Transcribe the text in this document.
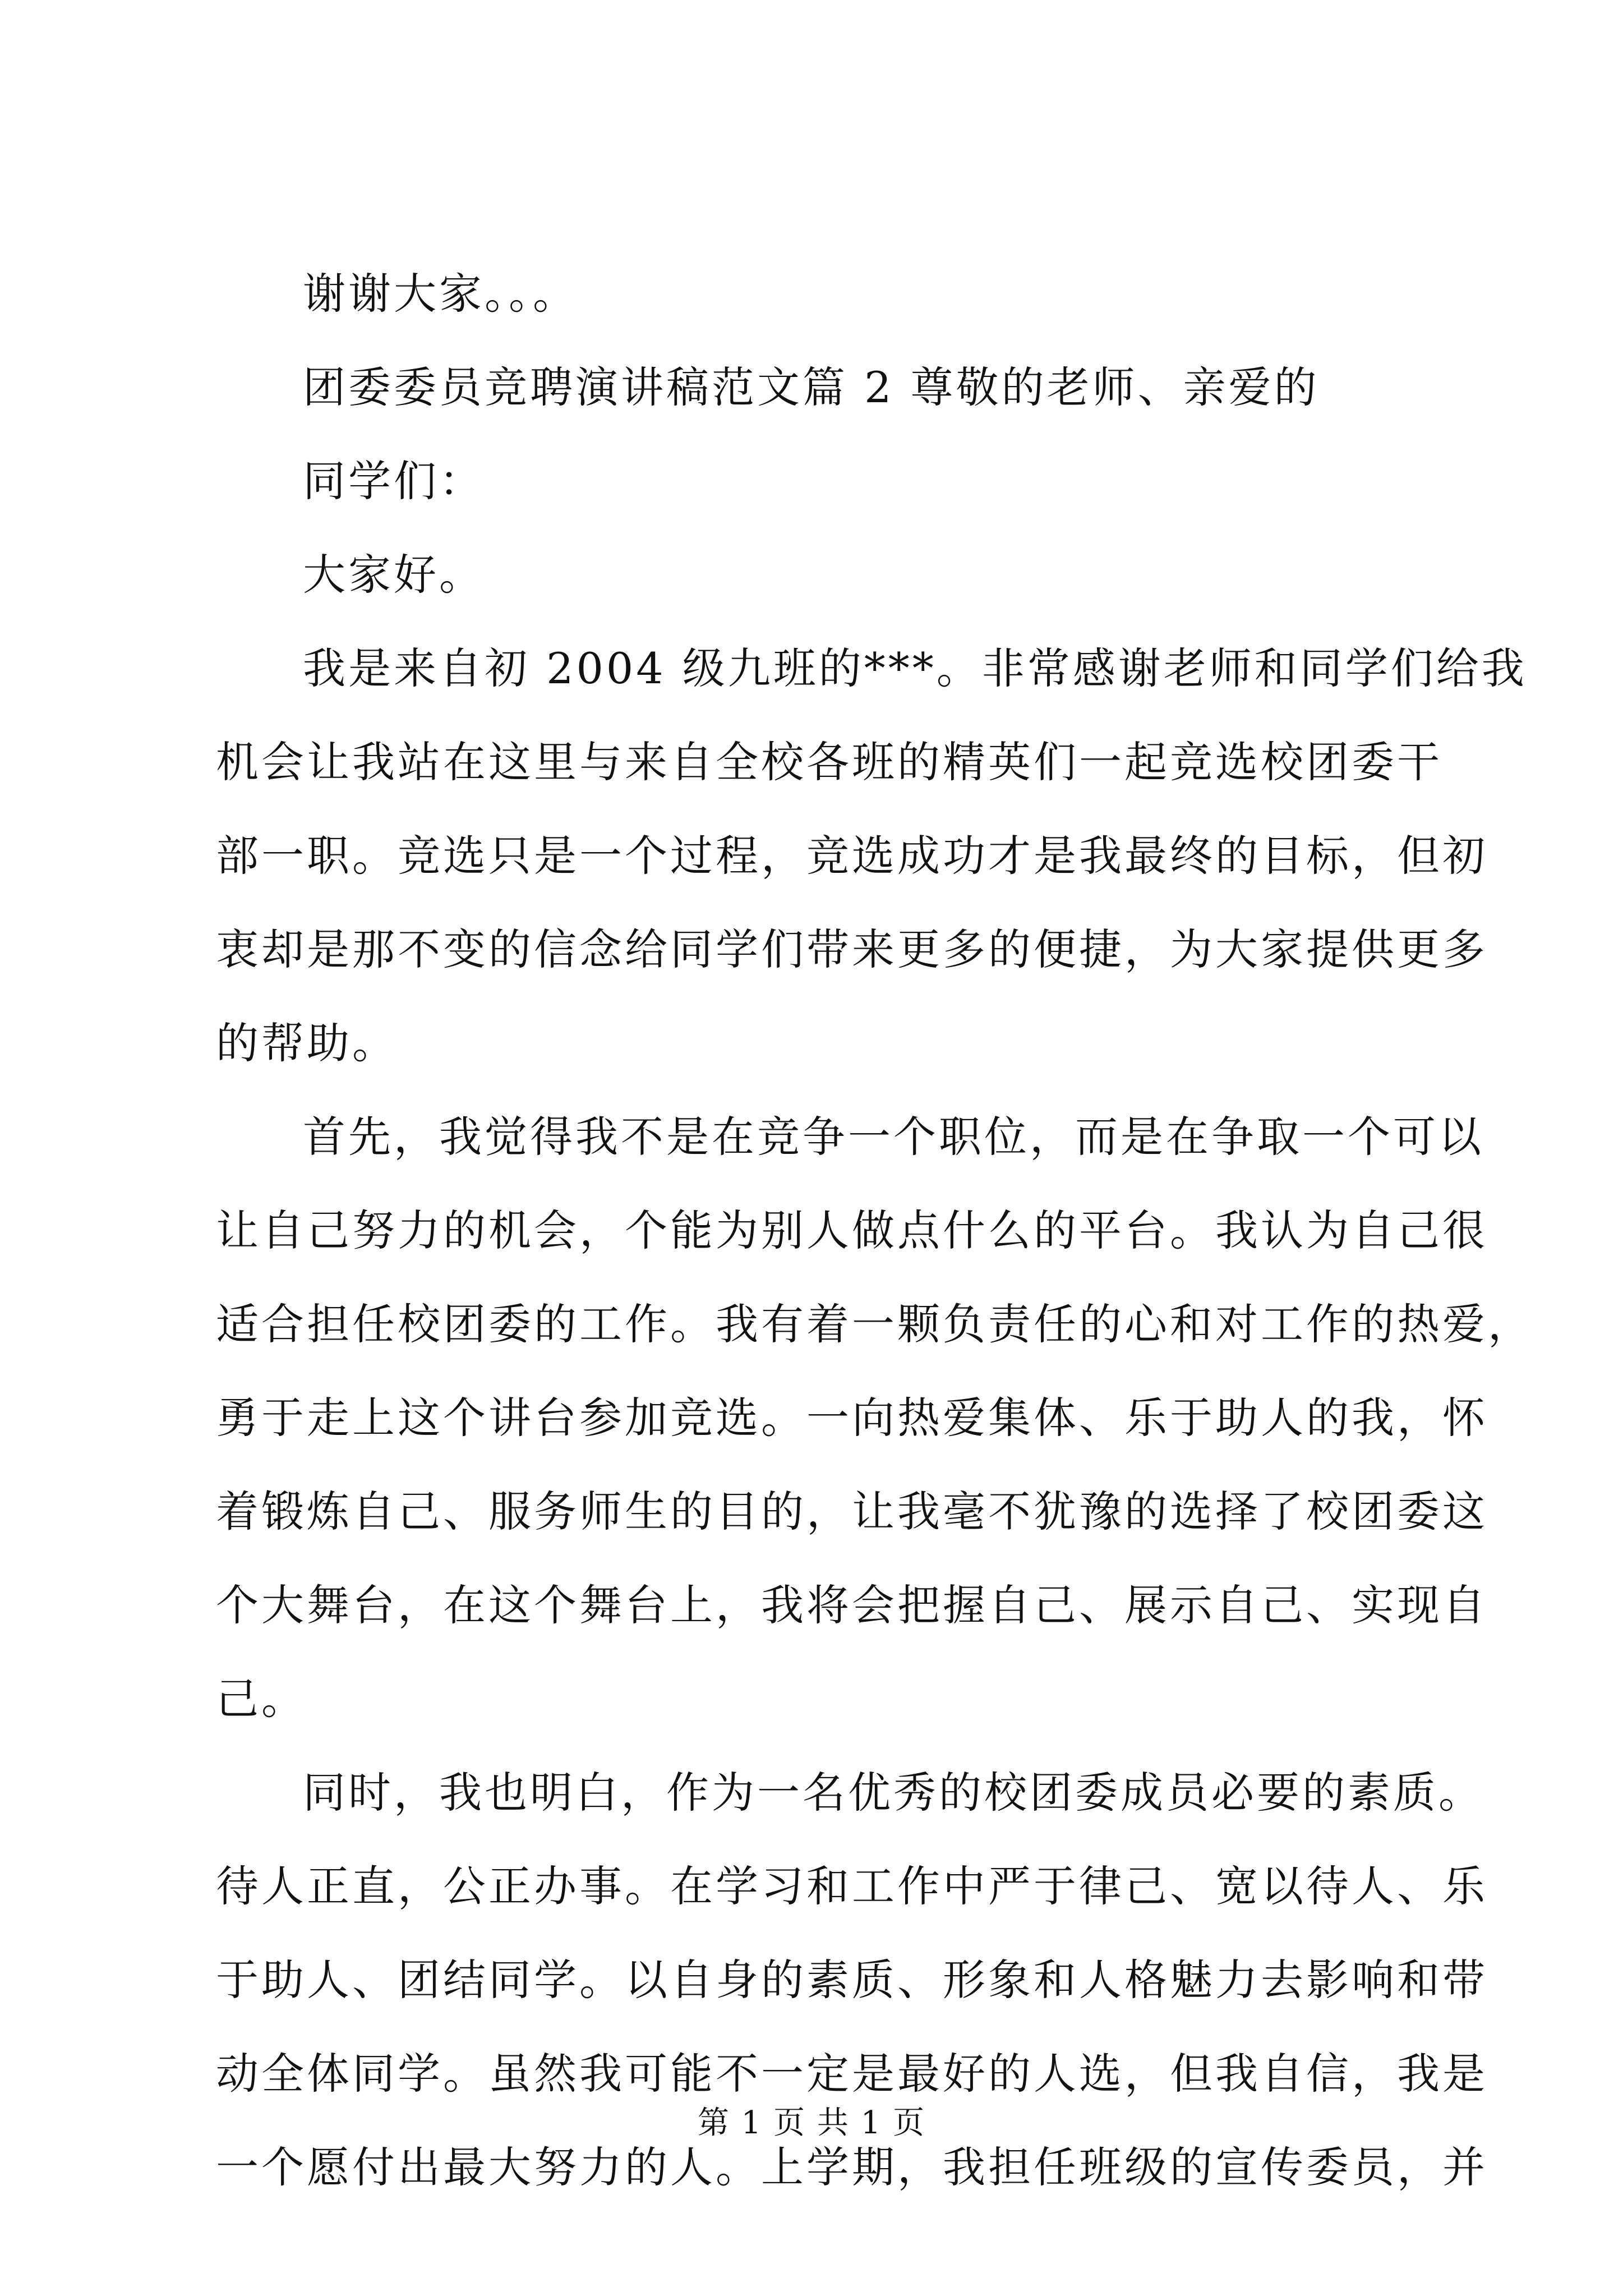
谢谢大家。。。
团委委员竞聘演讲稿范文篇 2 尊敬的老师、亲爱的
同学们：
大家好。
我是来自初 2004 级九班的***。非常感谢老师和同学们给我
机会让我站在这里与来自全校各班的精英们一起竞选校团委干
部一职。竞选只是一个过程，竞选成功才是我最终的目标，但初
衷却是那不变的信念给同学们带来更多的便捷，为大家提供更多
的帮助。
首先，我觉得我不是在竞争一个职位，而是在争取一个可以
让自己努力的机会，个能为别人做点什么的平台。我认为自己很
适合担任校团委的工作。我有着一颗负责任的心和对工作的热爱，
勇于走上这个讲台参加竞选。一向热爱集体、乐于助人的我，怀
着锻炼自己、服务师生的目的，让我毫不犹豫的选择了校团委这
个大舞台，在这个舞台上，我将会把握自己、展示自己、实现自
己。
同时，我也明白，作为一名优秀的校团委成员必要的素质。
待人正直，公正办事。在学习和工作中严于律己、宽以待人、乐
于助人、团结同学。以自身的素质、形象和人格魅力去影响和带
动全体同学。虽然我可能不一定是最好的人选，但我自信，我是
一个愿付出最大努力的人。上学期，我担任班级的宣传委员，并
第 1 页 共 1 页
